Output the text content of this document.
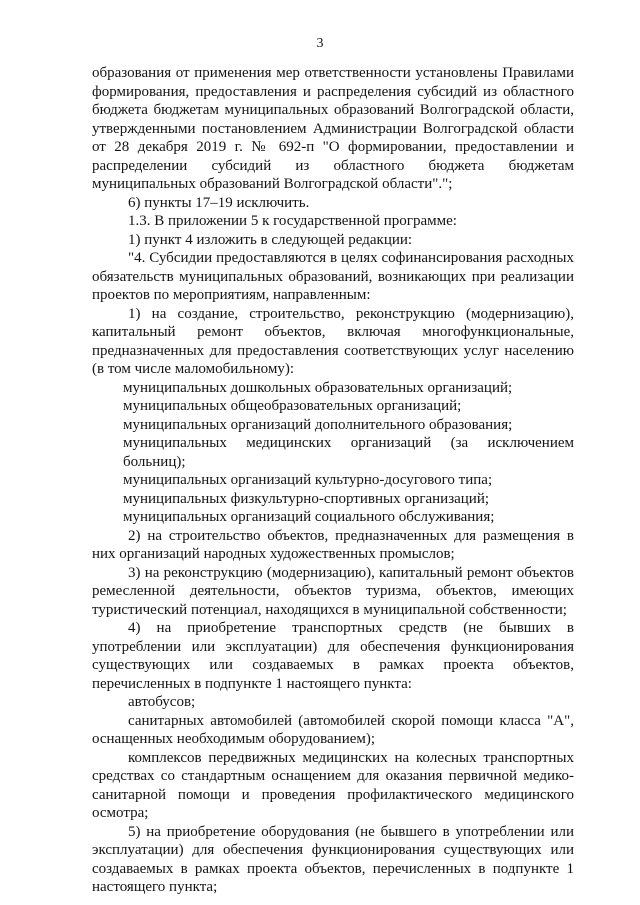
3

образования от применения мер ответственности установлены Правилами формирования, предоставления и распределения субсидий из областного бюджета бюджетам муниципальных образований Волгоградской области, утвержденными постановлением Администрации Волгоградской области от 28 декабря 2019 г. № 692-п "О формировании, предоставлении и распределении субсидий из областного бюджета бюджетам муниципальных образований Волгоградской области".";

6) пункты 17–19 исключить.

1.3. В приложении 5 к государственной программе:

1) пункт 4 изложить в следующей редакции:

"4. Субсидии предоставляются в целях софинансирования расходных обязательств муниципальных образований, возникающих при реализации проектов по мероприятиям, направленным:

1) на создание, строительство, реконструкцию (модернизацию), капитальный ремонт объектов, включая многофункциональные, предназначенных для предоставления соответствующих услуг населению (в том числе маломобильному):

муниципальных дошкольных образовательных организаций;

муниципальных общеобразовательных организаций;

муниципальных организаций дополнительного образования;

муниципальных медицинских организаций (за исключением больниц);

муниципальных организаций культурно-досугового типа;

муниципальных физкультурно-спортивных организаций;

муниципальных организаций социального обслуживания;

2) на строительство объектов, предназначенных для размещения в них организаций народных художественных промыслов;

3) на реконструкцию (модернизацию), капитальный ремонт объектов ремесленной деятельности, объектов туризма, объектов, имеющих туристический потенциал, находящихся в муниципальной собственности;

4) на приобретение транспортных средств (не бывших в употреблении или эксплуатации) для обеспечения функционирования существующих или создаваемых в рамках проекта объектов, перечисленных в подпункте 1 настоящего пункта:

автобусов;

санитарных автомобилей (автомобилей скорой помощи класса "А", оснащенных необходимым оборудованием);

комплексов передвижных медицинских на колесных транспортных средствах со стандартным оснащением для оказания первичной медико-санитарной помощи и проведения профилактического медицинского осмотра;

5) на приобретение оборудования (не бывшего в употреблении или эксплуатации) для обеспечения функционирования существующих или создаваемых в рамках проекта объектов, перечисленных в подпункте 1 настоящего пункта;
